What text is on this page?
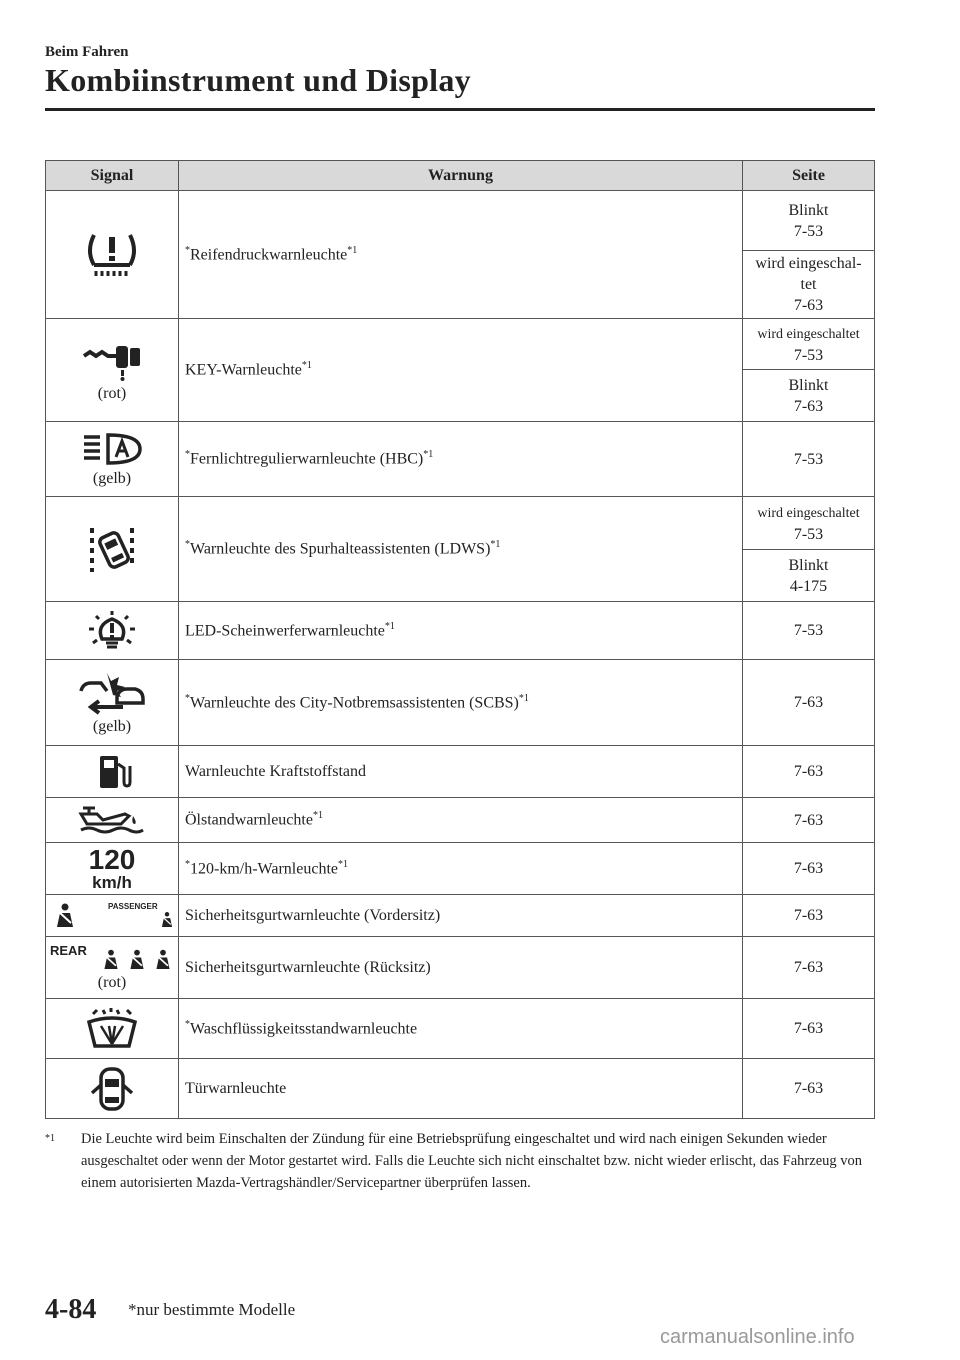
Beim Fahren
Kombiinstrument und Display
Signal	Warnung	Seite

	*Reifendruckwarnleuchte$^{*1}$	Blinkt
7-53
		wird eingeschal-
tet
7-63

(rot)	KEY-Warnleuchte$^{*1}$	wird eingeschaltet
7-53
		Blinkt
7-63

(gelb)	*Fernlichtregulierwarnleuchte (HBC)$^{*1}$	7-53

	*Warnleuchte des Spurhalteassistenten (LDWS)$^{*1}$	wird eingeschaltet
7-53
		Blinkt
4-175

	LED-Scheinwerferwarnleuchte$^{*1}$	7-53

(gelb)	*Warnleuchte des City-Notbremsassistenten (SCBS)$^{*1}$	7-63

	Warnleuchte Kraftstoffstand	7-63

	Ölstandwarnleuchte$^{*1}$	7-63

120
km/h	*120-km/h-Warnleuchte$^{*1}$	7-63

PASSENGER	Sicherheitsgurtwarnleuchte (Vordersitz)	7-63

REAR
(rot)	Sicherheitsgurtwarnleuchte (Rücksitz)	7-63

	*Waschflüssigkeitsstandwarnleuchte	7-63

	Türwarnleuchte	7-63
*1 Die Leuchte wird beim Einschalten der Zündung für eine Betriebsprüfung eingeschaltet und wird nach einigen Sekunden wieder ausgeschaltet oder wenn der Motor gestartet wird. Falls die Leuchte sich nicht einschaltet bzw. nicht wieder erlischt, das Fahrzeug von einem autorisierten Mazda-Vertragshändler/Servicepartner überprüfen lassen.
4-84 *nur bestimmte Modelle
carmanualsonline.info
